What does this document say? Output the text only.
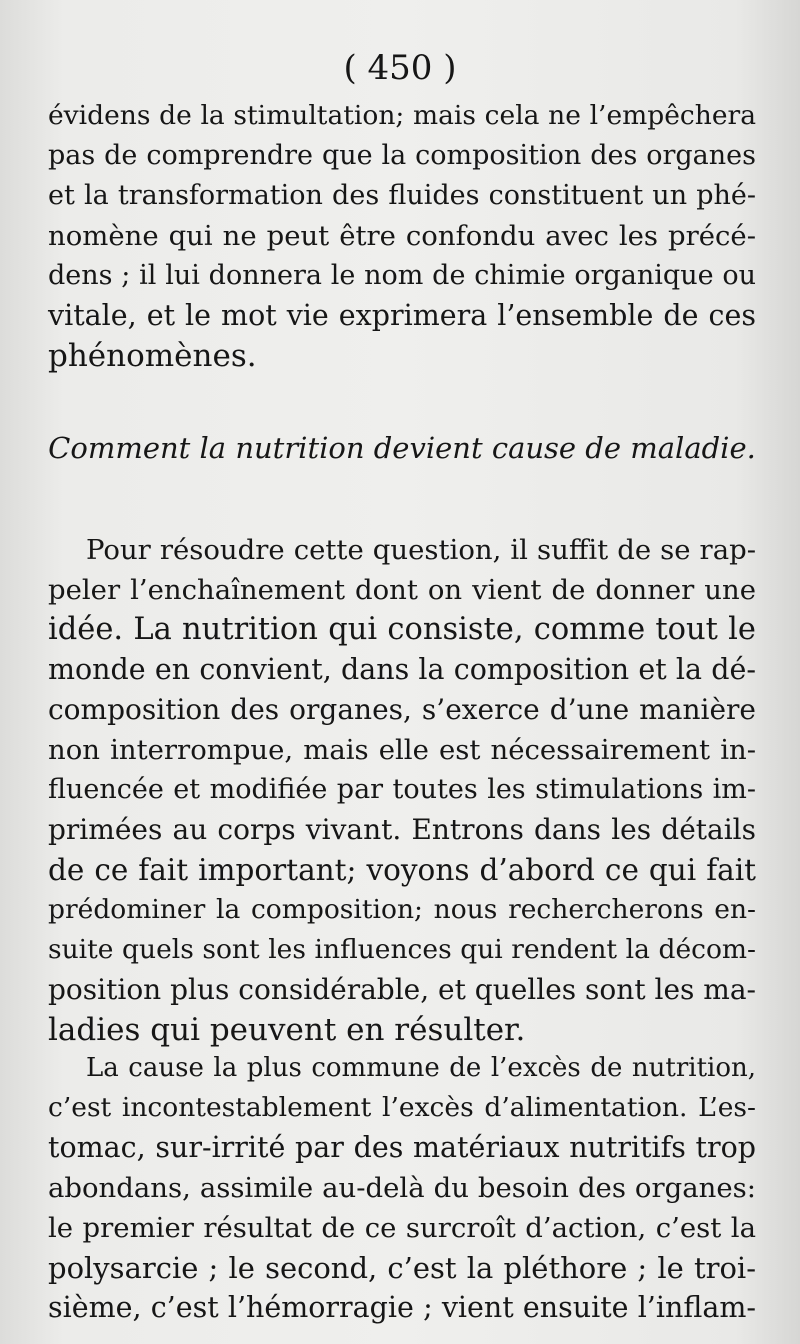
( 450 )
évidens de la stimultation; mais cela ne l’empêchera
pas de comprendre que la composition des organes
et la transformation des fluides constituent un phé-
nomène qui ne peut être confondu avec les précé-
dens ; il lui donnera le nom de chimie organique ou
vitale, et le mot vie exprimera l’ensemble de ces
phénomènes.
Comment la nutrition devient cause de maladie.
Pour résoudre cette question, il suffit de se rap-
peler l’enchaînement dont on vient de donner une
idée. La nutrition qui consiste, comme tout le
monde en convient, dans la composition et la dé-
composition des organes, s’exerce d’une manière
non interrompue, mais elle est nécessairement in-
fluencée et modifiée par toutes les stimulations im-
primées au corps vivant. Entrons dans les détails
de ce fait important; voyons d’abord ce qui fait
prédominer la composition; nous rechercherons en-
suite quels sont les influences qui rendent la décom-
position plus considérable, et quelles sont les ma-
ladies qui peuvent en résulter.
La cause la plus commune de l’excès de nutrition,
c’est incontestablement l’excès d’alimentation. L’es-
tomac, sur-irrité par des matériaux nutritifs trop
abondans, assimile au-delà du besoin des organes:
le premier résultat de ce surcroît d’action, c’est la
polysarcie ; le second, c’est la pléthore ; le troi-
sième, c’est l’hémorragie ; vient ensuite l’inflam-
